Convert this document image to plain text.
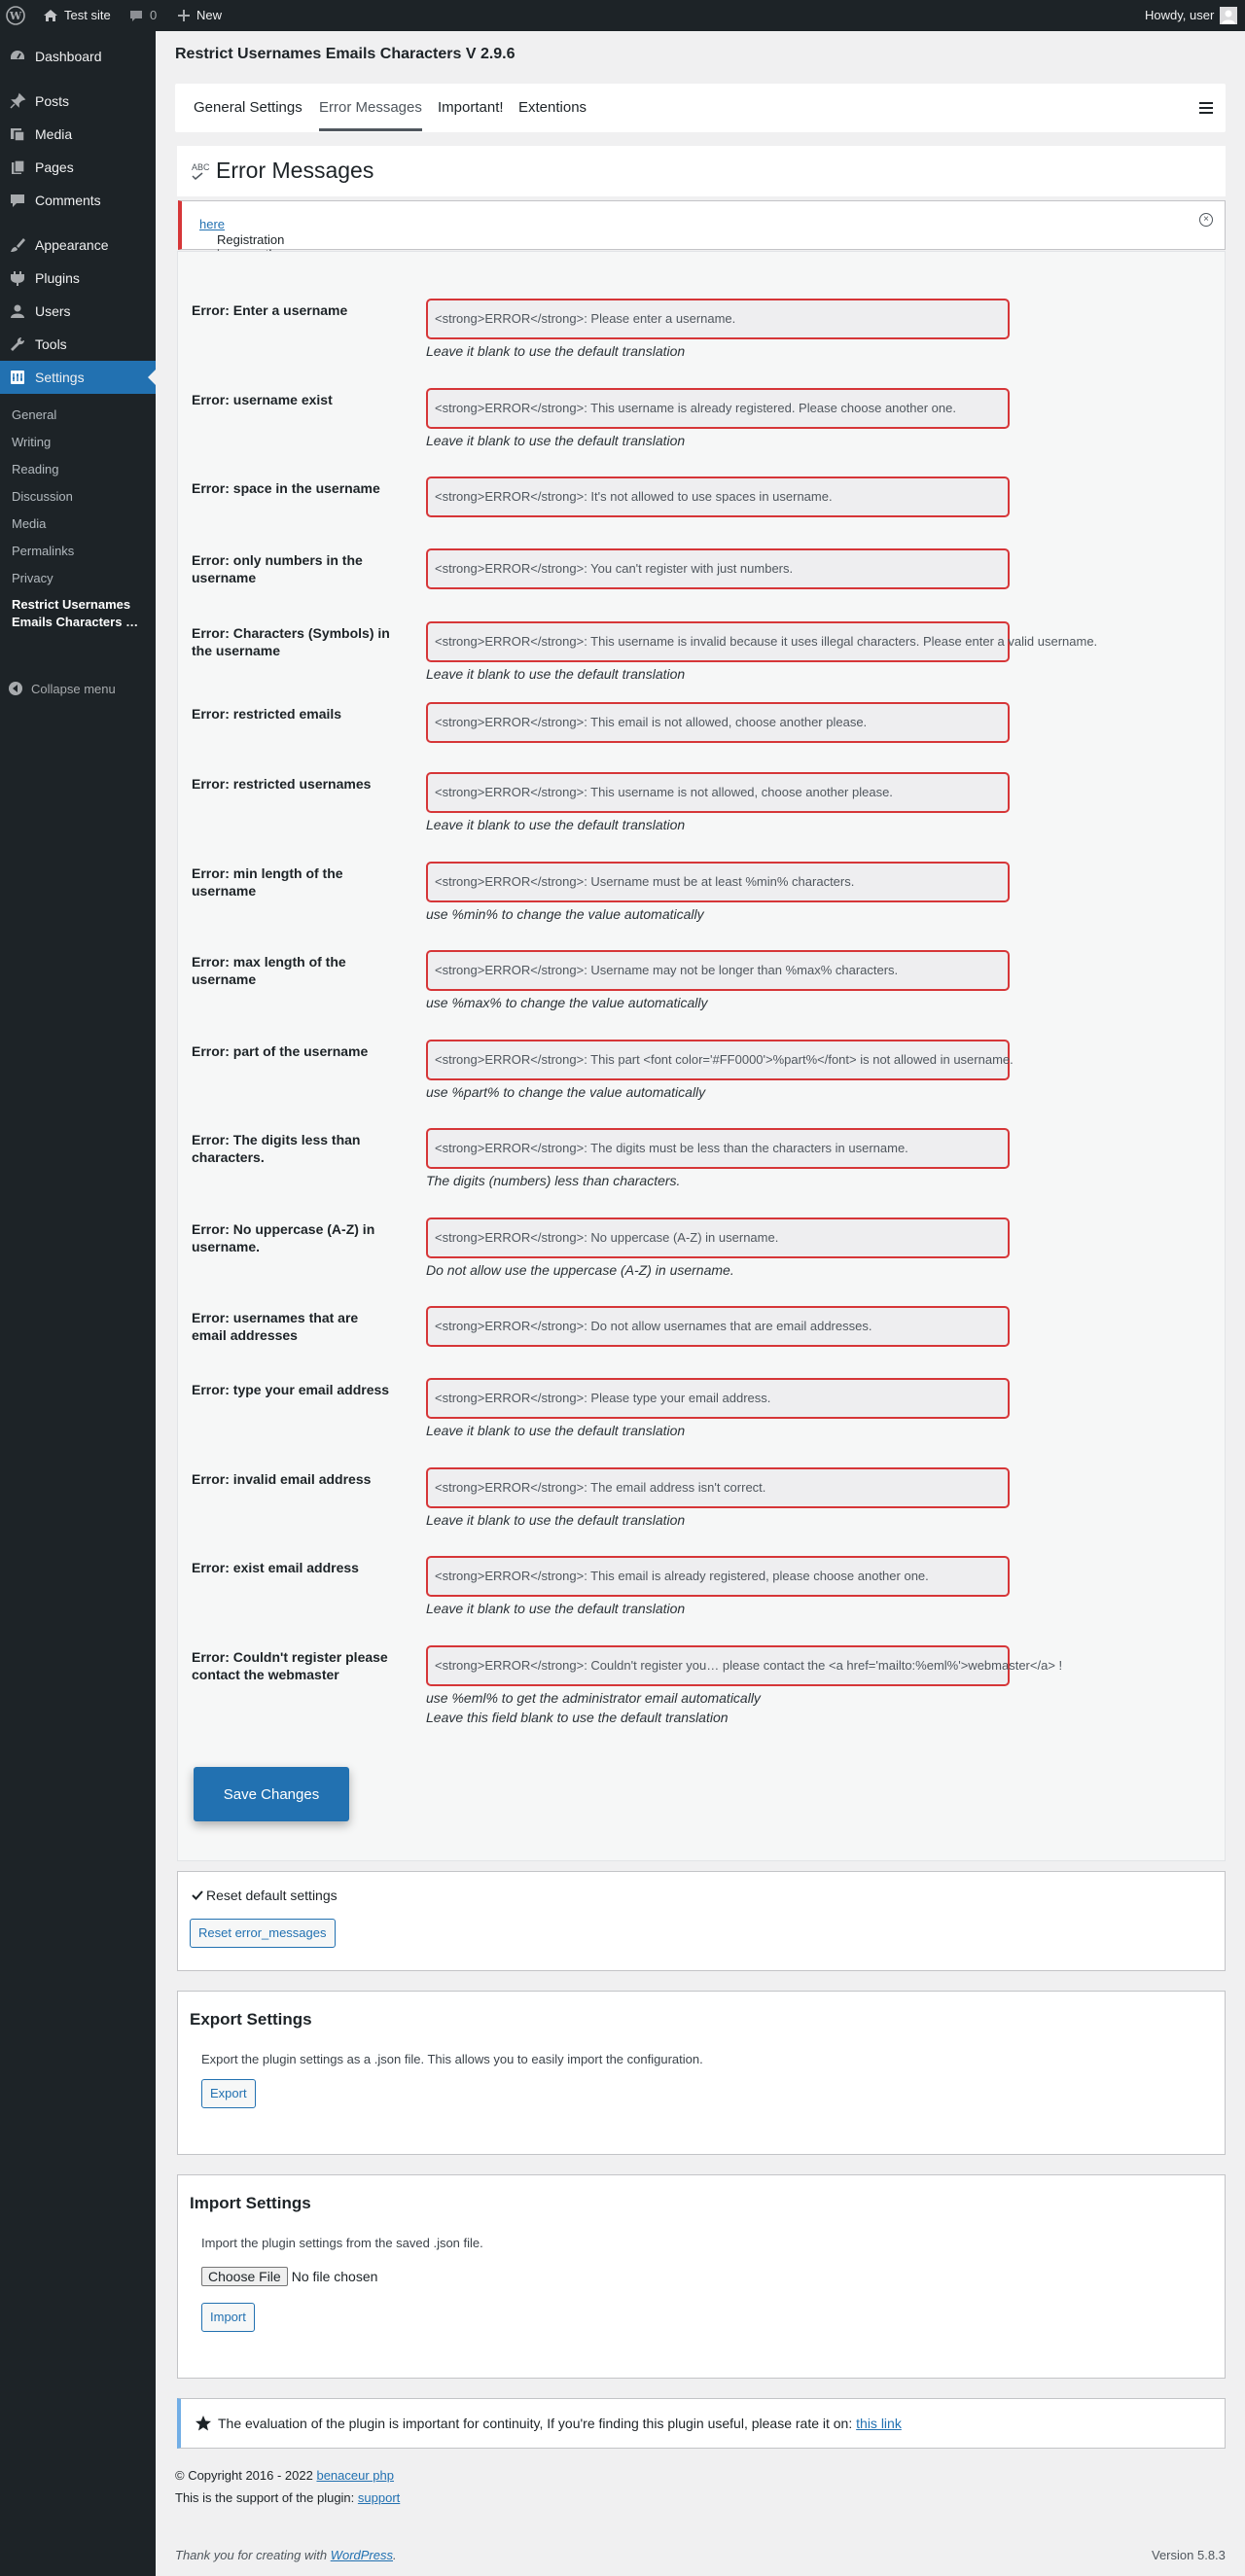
W	Test site	0	New	Howdy, user
Dashboard
Posts
Media
Pages
Comments
Appearance
Plugins
Users
Tools
Settings
General
Writing
Reading
Discussion
Media
Permalinks
Privacy
Restrict Usernames Emails Characters …
Collapse menu
Restrict Usernames Emails Characters V 2.9.6
General Settings Error Messages Important! Extentions
ABC Error Messages
Registration
here	×
Error: Enter a username
<strong>ERROR</strong>: Please enter a username.
Leave it blank to use the default translation
Error: username exist
<strong>ERROR</strong>: This username is already registered. Please choose another one.
Leave it blank to use the default translation
Error: space in the username
<strong>ERROR</strong>: It's not allowed to use spaces in username.
Error: only numbers in the username
<strong>ERROR</strong>: You can't register with just numbers.
Error: Characters (Symbols) in the username
<strong>ERROR</strong>: This username is invalid because it uses illegal characters. Please enter a valid username.
Leave it blank to use the default translation
Error: restricted emails
<strong>ERROR</strong>: This email is not allowed, choose another please.
Error: restricted usernames
<strong>ERROR</strong>: This username is not allowed, choose another please.
Leave it blank to use the default translation
Error: min length of the username
<strong>ERROR</strong>: Username must be at least %min% characters.
use %min% to change the value automatically
Error: max length of the username
<strong>ERROR</strong>: Username may not be longer than %max% characters.
use %max% to change the value automatically
Error: part of the username
<strong>ERROR</strong>: This part <font color='#FF0000'>%part%</font> is not allowed in username.
use %part% to change the value automatically
Error: The digits less than characters.
<strong>ERROR</strong>: The digits must be less than the characters in username.
The digits (numbers) less than characters.
Error: No uppercase (A-Z) in username.
<strong>ERROR</strong>: No uppercase (A-Z) in username.
Do not allow use the uppercase (A-Z) in username.
Error: usernames that are email addresses
<strong>ERROR</strong>: Do not allow usernames that are email addresses.
Error: type your email address
<strong>ERROR</strong>: Please type your email address.
Leave it blank to use the default translation
Error: invalid email address
<strong>ERROR</strong>: The email address isn't correct.
Leave it blank to use the default translation
Error: exist email address
<strong>ERROR</strong>: This email is already registered, please choose another one.
Leave it blank to use the default translation
Error: Couldn't register please contact the webmaster
<strong>ERROR</strong>: Couldn't register you… please contact the <a href='mailto:%eml%'>webmaster</a> !
use %eml% to get the administrator email automatically
Leave this field blank to use the default translation
Save Changes
Reset default settings
Reset error_messages
Export Settings

Export the plugin settings as a .json file. This allows you to easily import the configuration.

Export
Import Settings

Import the plugin settings from the saved .json file.

Choose File No file chosen
Import
The evaluation of the plugin is important for continuity, If you're finding this plugin useful, please rate it on: this link
© Copyright 2016 - 2022 benaceur php
This is the support of the plugin: support
Thank you for creating with WordPress.	Version 5.8.3
